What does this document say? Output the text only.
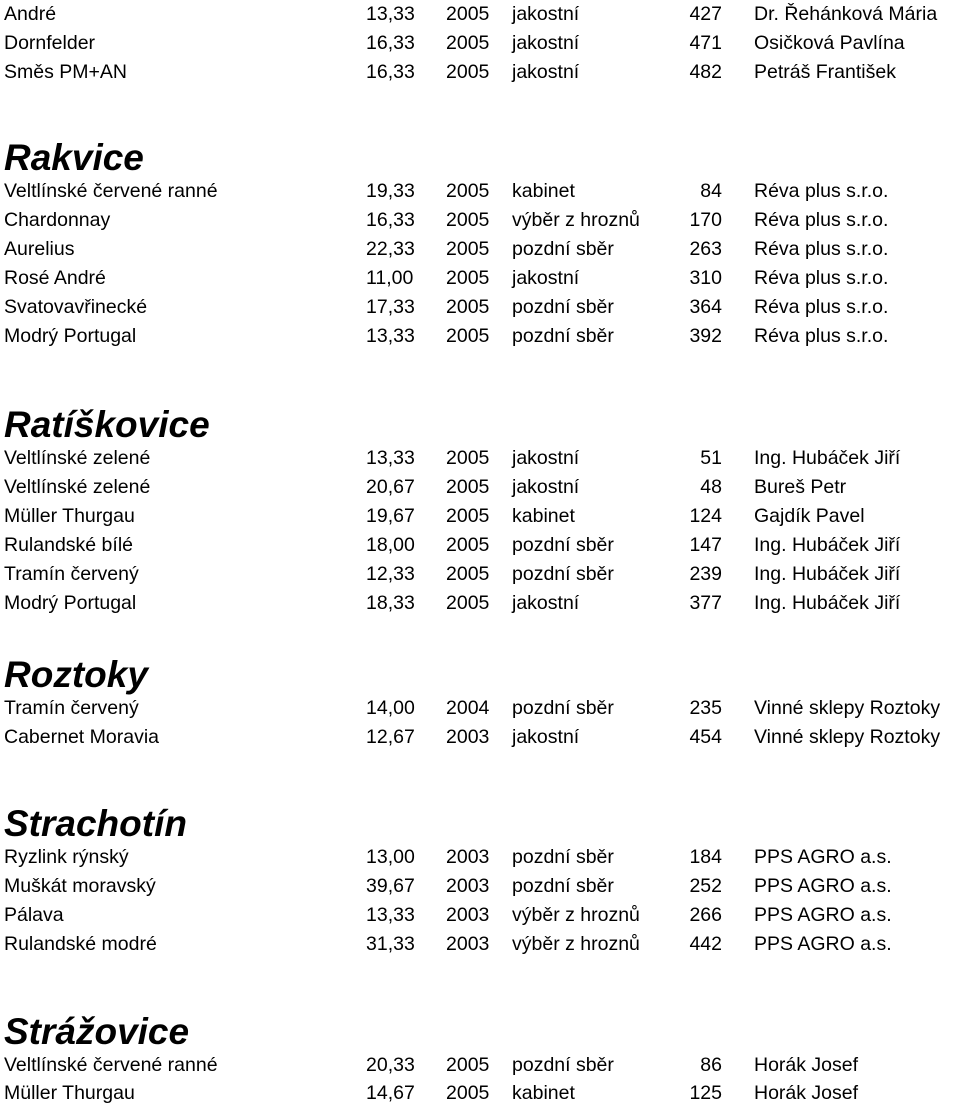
André	13,33 2005 jakostní	427 Dr. Řehánková Mária
Dornfelder	16,33 2005 jakostní	471 Osičková Pavlína
Směs PM+AN	16,33 2005 jakostní	482 Petráš František
Rakvice
Veltlínské červené ranné	19,33 2005 kabinet	84 Réva plus s.r.o.
Chardonnay	16,33 2005 výběr z hroznů	170 Réva plus s.r.o.
Aurelius	22,33 2005 pozdní sběr	263 Réva plus s.r.o.
Rosé André	11,00 2005 jakostní	310 Réva plus s.r.o.
Svatovavřinecké	17,33 2005 pozdní sběr	364 Réva plus s.r.o.
Modrý Portugal	13,33 2005 pozdní sběr	392 Réva plus s.r.o.
Ratíškovice
Veltlínské zelené	13,33 2005 jakostní	51 Ing. Hubáček Jiří
Veltlínské zelené	20,67 2005 jakostní	48 Bureš Petr
Müller Thurgau	19,67 2005 kabinet	124 Gajdík Pavel
Rulandské bílé	18,00 2005 pozdní sběr	147 Ing. Hubáček Jiří
Tramín červený	12,33 2005 pozdní sběr	239 Ing. Hubáček Jiří
Modrý Portugal	18,33 2005 jakostní	377 Ing. Hubáček Jiří
Roztoky
Tramín červený	14,00 2004 pozdní sběr	235 Vinné sklepy Roztoky
Cabernet Moravia	12,67 2003 jakostní	454 Vinné sklepy Roztoky
Strachotín
Ryzlink rýnský	13,00 2003 pozdní sběr	184 PPS AGRO a.s.
Muškát moravský	39,67 2003 pozdní sběr	252 PPS AGRO a.s.
Pálava	13,33 2003 výběr z hroznů	266 PPS AGRO a.s.
Rulandské modré	31,33 2003 výběr z hroznů	442 PPS AGRO a.s.
Strážovice
Veltlínské červené ranné	20,33 2005 pozdní sběr	86 Horák Josef
Müller Thurgau	14,67 2005 kabinet	125 Horák Josef
